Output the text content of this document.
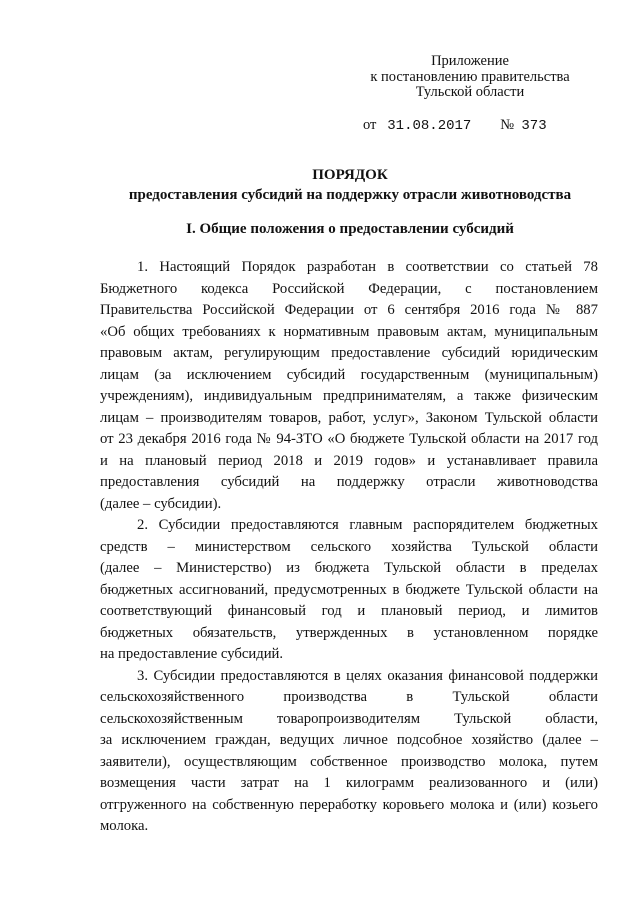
Приложение
к постановлению правительства
Тульской области
от 31.08.2017 № 373
ПОРЯДОК
предоставления субсидий на поддержку отрасли животноводства
I. Общие положения о предоставлении субсидий

1. Настоящий Порядок разработан в соответствии со статьей 78
Бюджетного кодекса Российской Федерации, с постановлением
Правительства Российской Федерации от 6 сентября 2016 года № 887
«Об общих требованиях к нормативным правовым актам, муниципальным
правовым актам, регулирующим предоставление субсидий юридическим
лицам (за исключением субсидий государственным (муниципальным)
учреждениям), индивидуальным предпринимателям, а также физическим
лицам – производителям товаров, работ, услуг», Законом Тульской области
от 23 декабря 2016 года № 94-ЗТО «О бюджете Тульской области на 2017 год
и на плановый период 2018 и 2019 годов» и устанавливает правила
предоставления субсидий на поддержку отрасли животноводства
(далее – субсидии).

2. Субсидии предоставляются главным распорядителем бюджетных
средств – министерством сельского хозяйства Тульской области
(далее – Министерство) из бюджета Тульской области в пределах
бюджетных ассигнований, предусмотренных в бюджете Тульской области на
соответствующий финансовый год и плановый период, и лимитов
бюджетных обязательств, утвержденных в установленном порядке
на предоставление субсидий.

3. Субсидии предоставляются в целях оказания финансовой поддержки
сельскохозяйственного производства в Тульской области
сельскохозяйственным товаропроизводителям Тульской области,
за исключением граждан, ведущих личное подсобное хозяйство (далее –
заявители), осуществляющим собственное производство молока, путем
возмещения части затрат на 1 килограмм реализованного и (или)
отгруженного на собственную переработку коровьего молока и (или) козьего
молока.
